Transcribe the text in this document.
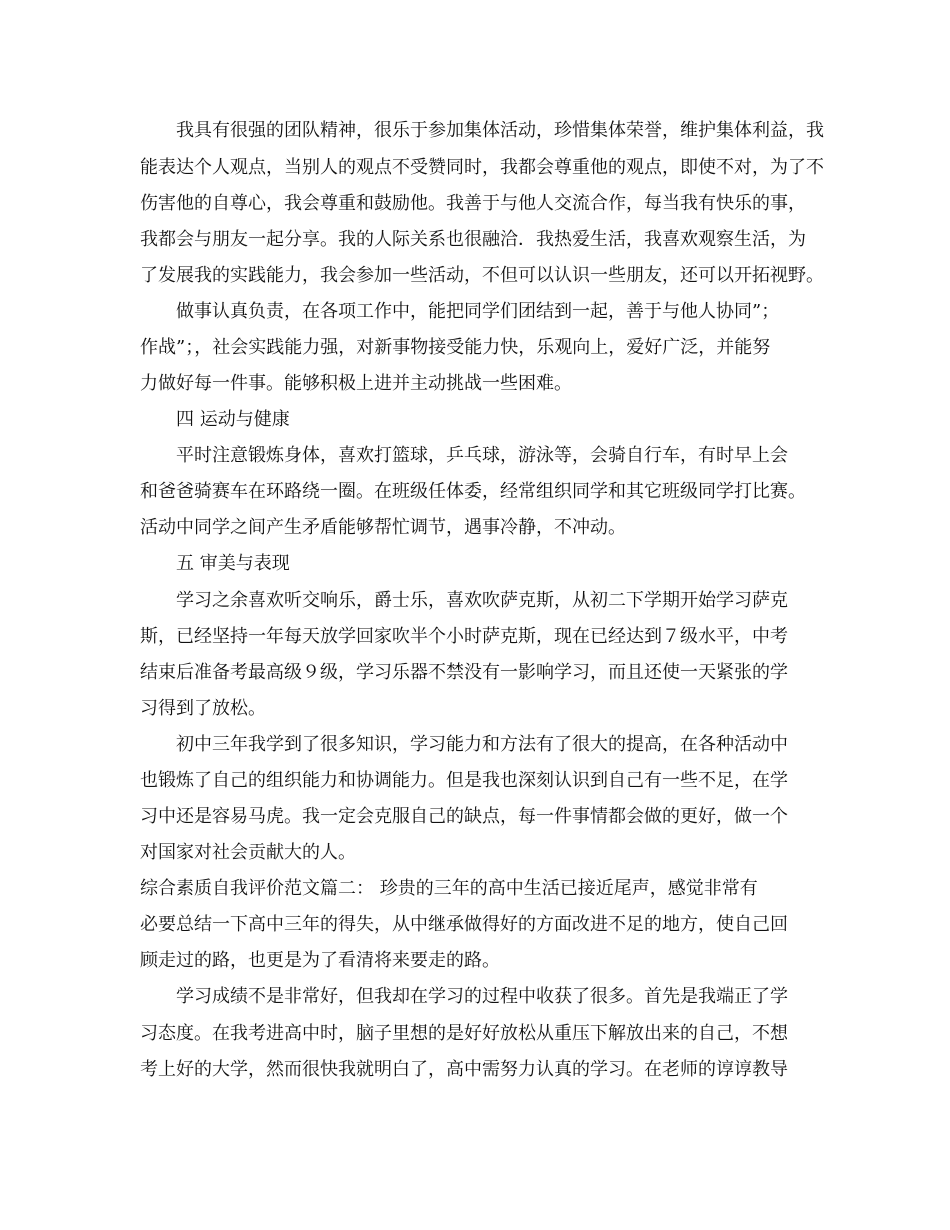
我具有很强的团队精神，很乐于参加集体活动，珍惜集体荣誉，维护集体利益，我
能表达个人观点，当别人的观点不受赞同时，我都会尊重他的观点，即使不对，为了不
伤害他的自尊心，我会尊重和鼓励他。我善于与他人交流合作，每当我有快乐的事，
我都会与朋友一起分享。我的人际关系也很融洽．我热爱生活，我喜欢观察生活，为
了发展我的实践能力，我会参加一些活动，不但可以认识一些朋友，还可以开拓视野。
做事认真负责，在各项工作中，能把同学们团结到一起，善于与他人协同”；
作战”；，社会实践能力强，对新事物接受能力快，乐观向上，爱好广泛，并能努
力做好每一件事。能够积极上进并主动挑战一些困难。
四 运动与健康
平时注意锻炼身体，喜欢打篮球，乒乓球，游泳等，会骑自行车，有时早上会
和爸爸骑赛车在环路绕一圈。在班级任体委，经常组织同学和其它班级同学打比赛。
活动中同学之间产生矛盾能够帮忙调节，遇事冷静，不冲动。
五 审美与表现
学习之余喜欢听交响乐，爵士乐，喜欢吹萨克斯，从初二下学期开始学习萨克
斯，已经坚持一年每天放学回家吹半个小时萨克斯，现在已经达到７级水平，中考
结束后准备考最高级９级，学习乐器不禁没有一影响学习，而且还使一天紧张的学
习得到了放松。
初中三年我学到了很多知识，学习能力和方法有了很大的提高，在各种活动中
也锻炼了自己的组织能力和协调能力。但是我也深刻认识到自己有一些不足，在学
习中还是容易马虎。我一定会克服自己的缺点，每一件事情都会做的更好，做一个
对国家对社会贡献大的人。
综合素质自我评价范文篇二： 珍贵的三年的高中生活已接近尾声，感觉非常有
必要总结一下高中三年的得失，从中继承做得好的方面改进不足的地方，使自己回
顾走过的路，也更是为了看清将来要走的路。
学习成绩不是非常好，但我却在学习的过程中收获了很多。首先是我端正了学
习态度。在我考进高中时，脑子里想的是好好放松从重压下解放出来的自己，不想
考上好的大学，然而很快我就明白了，高中需努力认真的学习。在老师的谆谆教导
